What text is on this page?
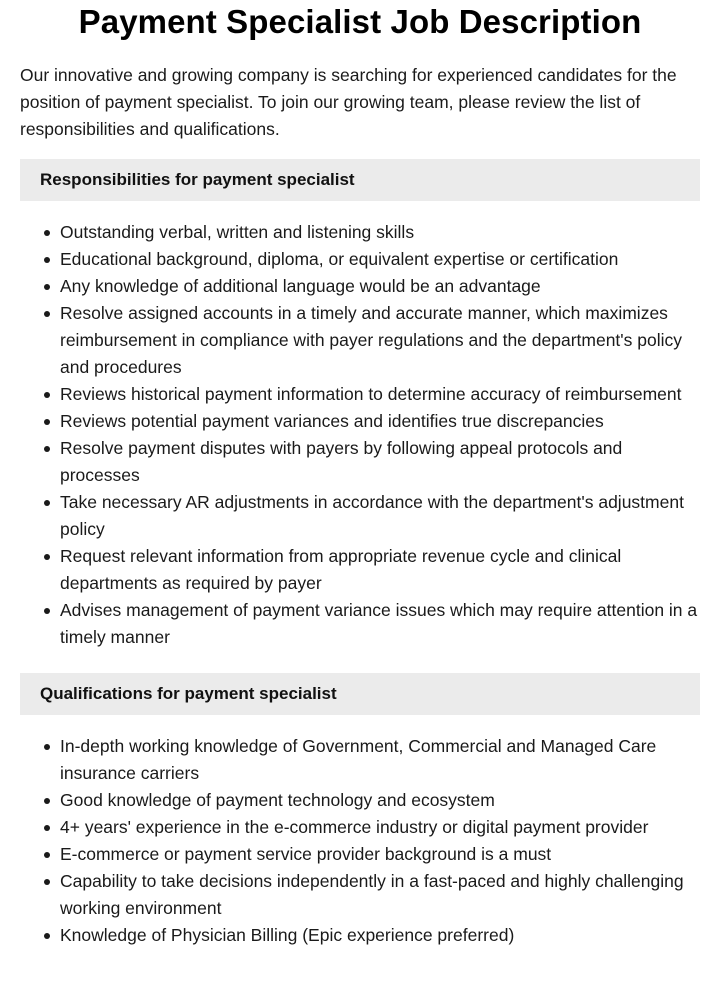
Payment Specialist Job Description

Our innovative and growing company is searching for experienced candidates for the position of payment specialist. To join our growing team, please review the list of responsibilities and qualifications.

Responsibilities for payment specialist
Outstanding verbal, written and listening skills
Educational background, diploma, or equivalent expertise or certification
Any knowledge of additional language would be an advantage
Resolve assigned accounts in a timely and accurate manner, which maximizes reimbursement in compliance with payer regulations and the department's policy and procedures
Reviews historical payment information to determine accuracy of reimbursement
Reviews potential payment variances and identifies true discrepancies
Resolve payment disputes with payers by following appeal protocols and processes
Take necessary AR adjustments in accordance with the department's adjustment policy
Request relevant information from appropriate revenue cycle and clinical departments as required by payer
Advises management of payment variance issues which may require attention in a timely manner
Qualifications for payment specialist
In-depth working knowledge of Government, Commercial and Managed Care insurance carriers
Good knowledge of payment technology and ecosystem
4+ years' experience in the e-commerce industry or digital payment provider
E-commerce or payment service provider background is a must
Capability to take decisions independently in a fast-paced and highly challenging working environment
Knowledge of Physician Billing (Epic experience preferred)
